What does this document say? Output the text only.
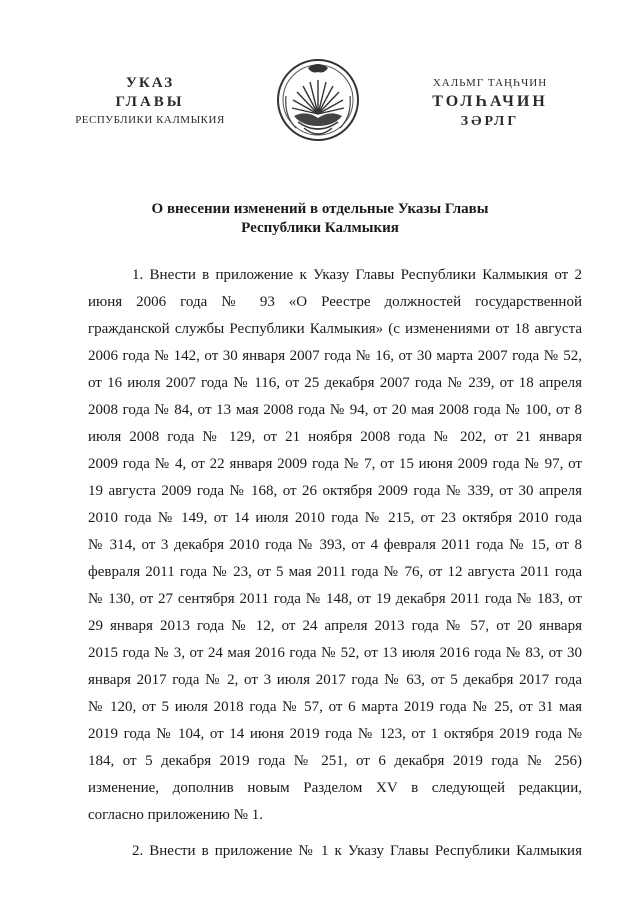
УКАЗ
ГЛАВЫ
РЕСПУБЛИКИ КАЛМЫКИЯ
ХАЛЬМГ ТАҢҺЧИН
ТОЛҺАЧИН
ЗӘРЛГ
О внесении изменений в отдельные Указы Главы
Республики Калмыкия
1. Внести в приложение к Указу Главы Республики Калмыкия от 2
июня 2006 года № 93 «О Реестре должностей государственной
гражданской службы Республики Калмыкия» (с изменениями от 18 августа
2006 года № 142, от 30 января 2007 года № 16, от 30 марта 2007 года № 52,
от 16 июля 2007 года № 116, от 25 декабря 2007 года № 239, от 18 апреля
2008 года № 84, от 13 мая 2008 года № 94, от 20 мая 2008 года № 100, от 8
июля 2008 года № 129, от 21 ноября 2008 года № 202, от 21 января
2009 года № 4, от 22 января 2009 года № 7, от 15 июня 2009 года № 97, от
19 августа 2009 года № 168, от 26 октября 2009 года № 339, от 30 апреля
2010 года № 149, от 14 июля 2010 года № 215, от 23 октября 2010 года
№ 314, от 3 декабря 2010 года № 393, от 4 февраля 2011 года № 15, от 8
февраля 2011 года № 23, от 5 мая 2011 года № 76, от 12 августа 2011 года
№ 130, от 27 сентября 2011 года № 148, от 19 декабря 2011 года № 183, от
29 января 2013 года № 12, от 24 апреля 2013 года № 57, от 20 января
2015 года № 3, от 24 мая 2016 года № 52, от 13 июля 2016 года № 83, от 30
января 2017 года № 2, от 3 июля 2017 года № 63, от 5 декабря 2017 года
№ 120, от 5 июля 2018 года № 57, от 6 марта 2019 года № 25, от 31 мая
2019 года № 104, от 14 июня 2019 года № 123, от 1 октября 2019 года №
184, от 5 декабря 2019 года № 251, от 6 декабря 2019 года № 256)
изменение, дополнив новым Разделом XV в следующей редакции,
согласно приложению № 1.
2. Внести в приложение № 1 к Указу Главы Республики Калмыкия
